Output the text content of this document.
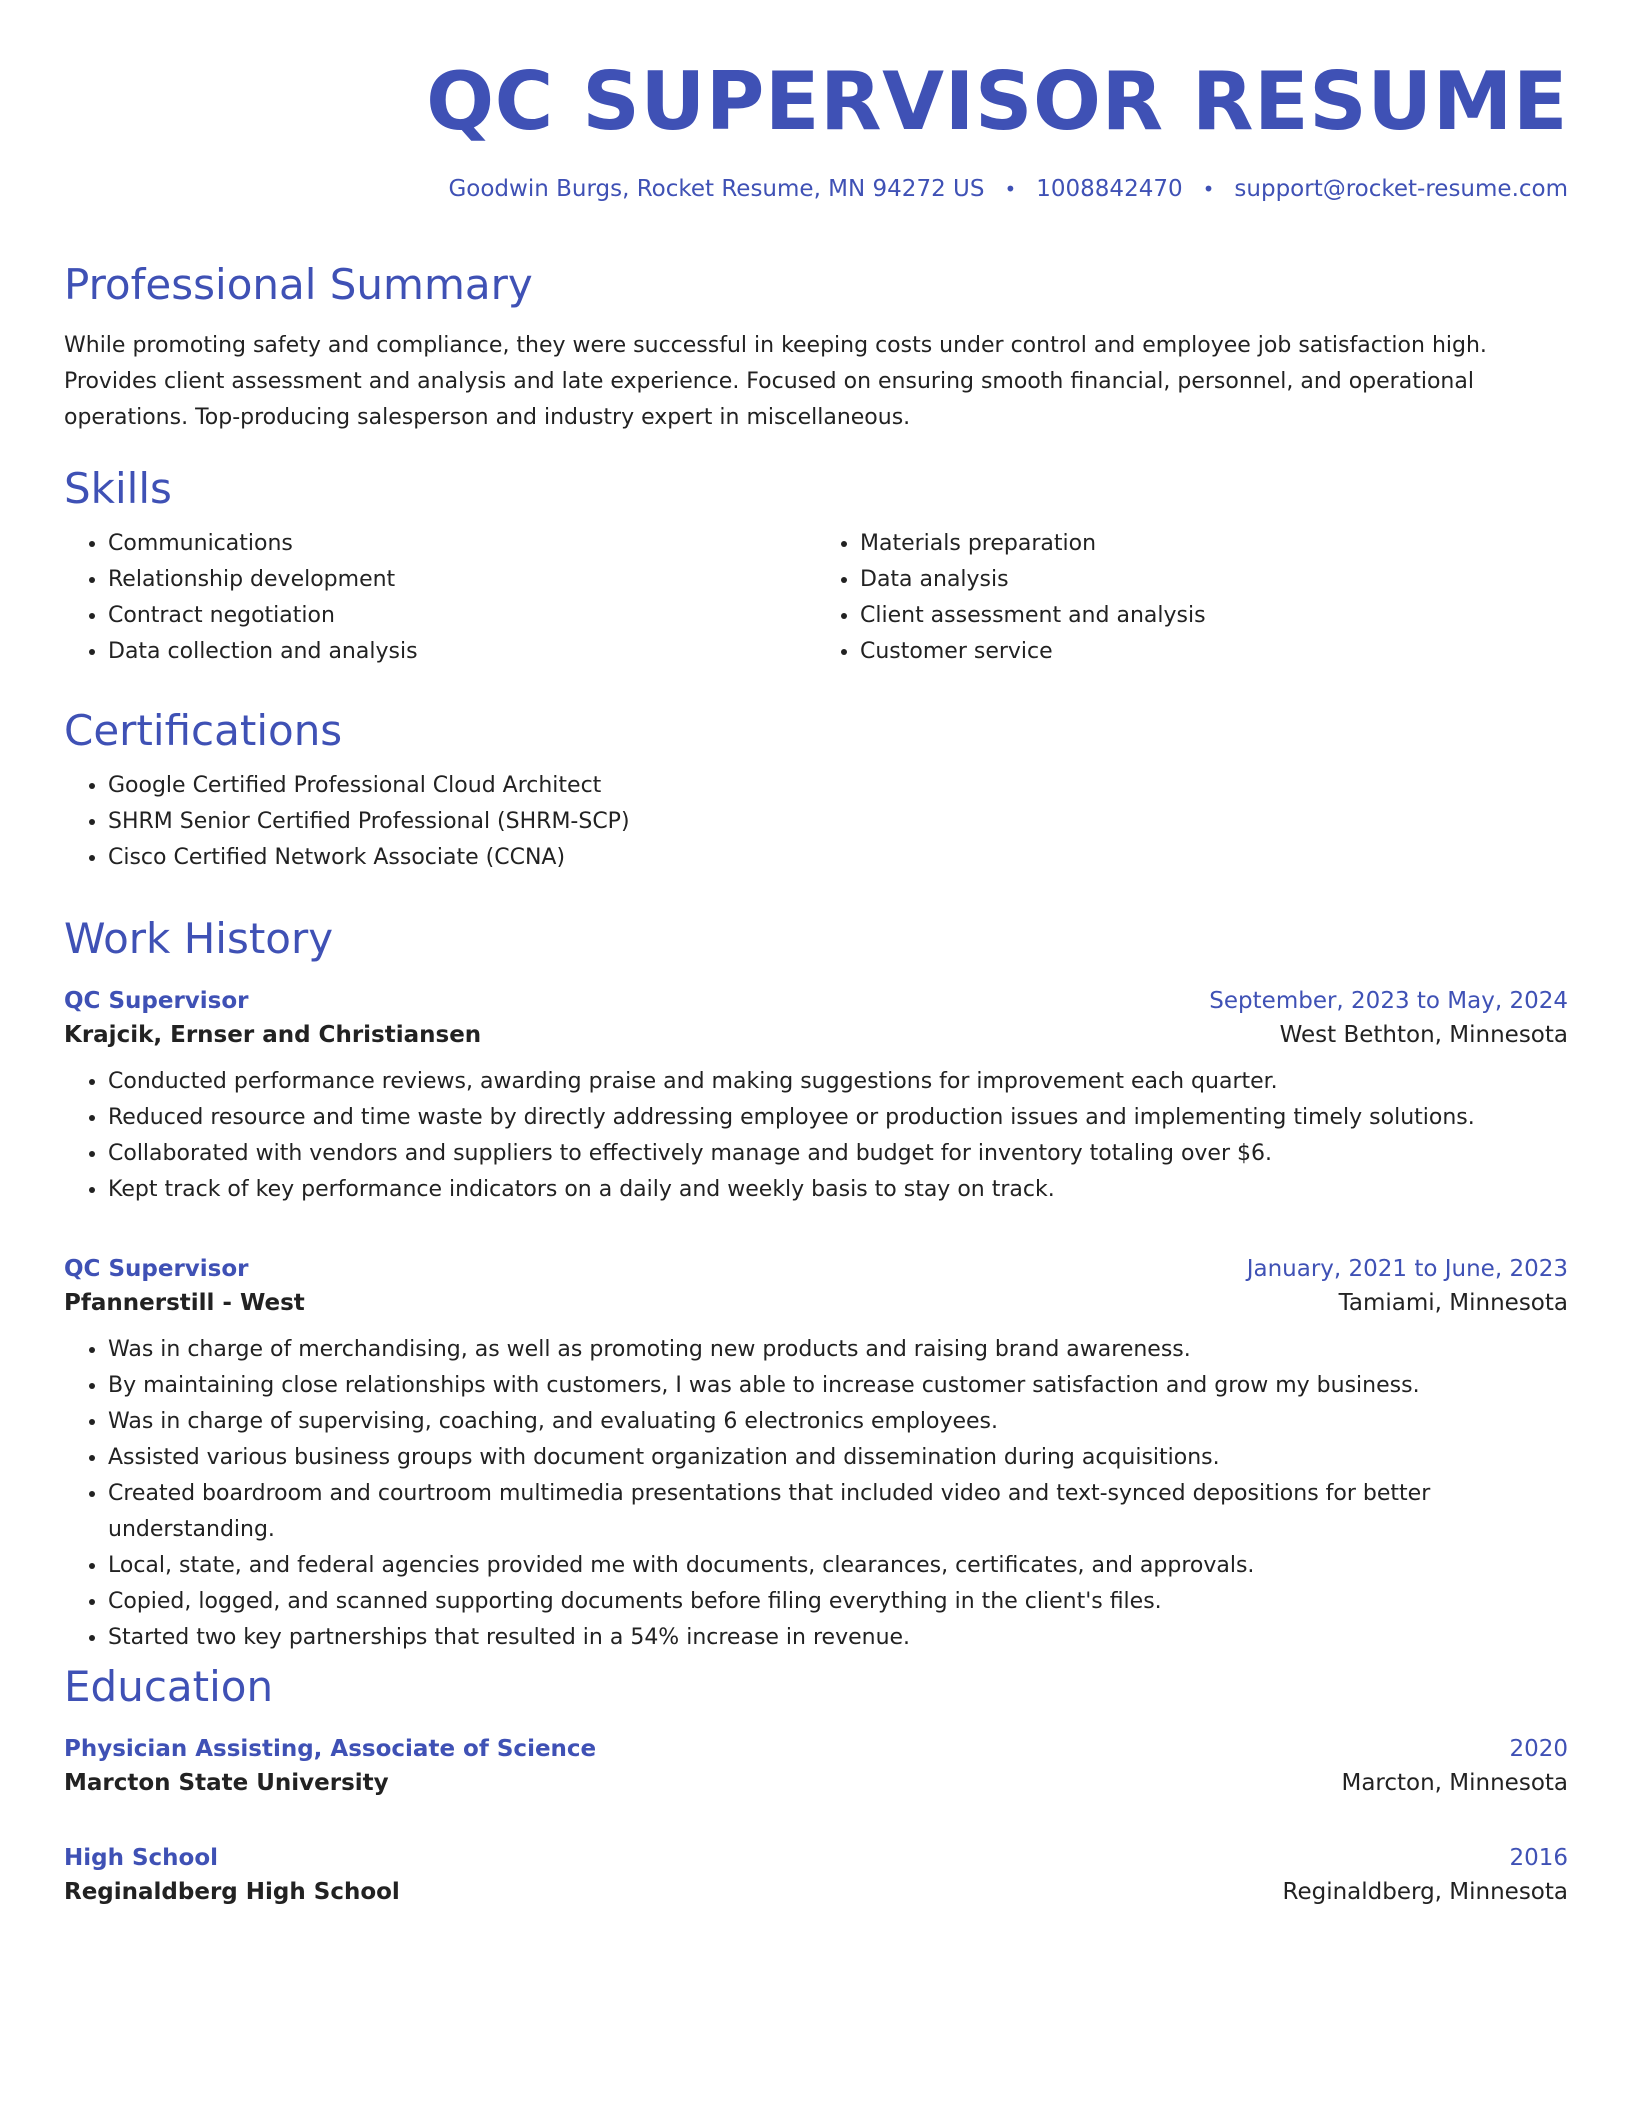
QC SUPERVISOR RESUME
Goodwin Burgs, Rocket Resume, MN 94272 US • 1008842470 • support@rocket-resume.com
Professional Summary

While promoting safety and compliance, they were successful in keeping costs under control and employee job satisfaction high. Provides client assessment and analysis and late experience. Focused on ensuring smooth financial, personnel, and operational operations. Top-producing salesperson and industry expert in miscellaneous.

Skills
• Communications
• Relationship development
• Contract negotiation
• Data collection and analysis
• Materials preparation
• Data analysis
• Client assessment and analysis
• Customer service
Certifications
• Google Certified Professional Cloud Architect
• SHRM Senior Certified Professional (SHRM-SCP)
• Cisco Certified Network Associate (CCNA)
Work History
QC Supervisor	September, 2023 to May, 2024
Krajcik, Ernser and Christiansen	West Bethton, Minnesota
• Conducted performance reviews, awarding praise and making suggestions for improvement each quarter.
• Reduced resource and time waste by directly addressing employee or production issues and implementing timely solutions.
• Collaborated with vendors and suppliers to effectively manage and budget for inventory totaling over $6.
• Kept track of key performance indicators on a daily and weekly basis to stay on track.
QC Supervisor	January, 2021 to June, 2023
Pfannerstill - West	Tamiami, Minnesota
• Was in charge of merchandising, as well as promoting new products and raising brand awareness.
• By maintaining close relationships with customers, I was able to increase customer satisfaction and grow my business.
• Was in charge of supervising, coaching, and evaluating 6 electronics employees.
• Assisted various business groups with document organization and dissemination during acquisitions.
• Created boardroom and courtroom multimedia presentations that included video and text-synced depositions for better understanding.
• Local, state, and federal agencies provided me with documents, clearances, certificates, and approvals.
• Copied, logged, and scanned supporting documents before filing everything in the client's files.
• Started two key partnerships that resulted in a 54% increase in revenue.
Education
Physician Assisting, Associate of Science	2020
Marcton State University	Marcton, Minnesota
High School	2016
Reginaldberg High School	Reginaldberg, Minnesota
